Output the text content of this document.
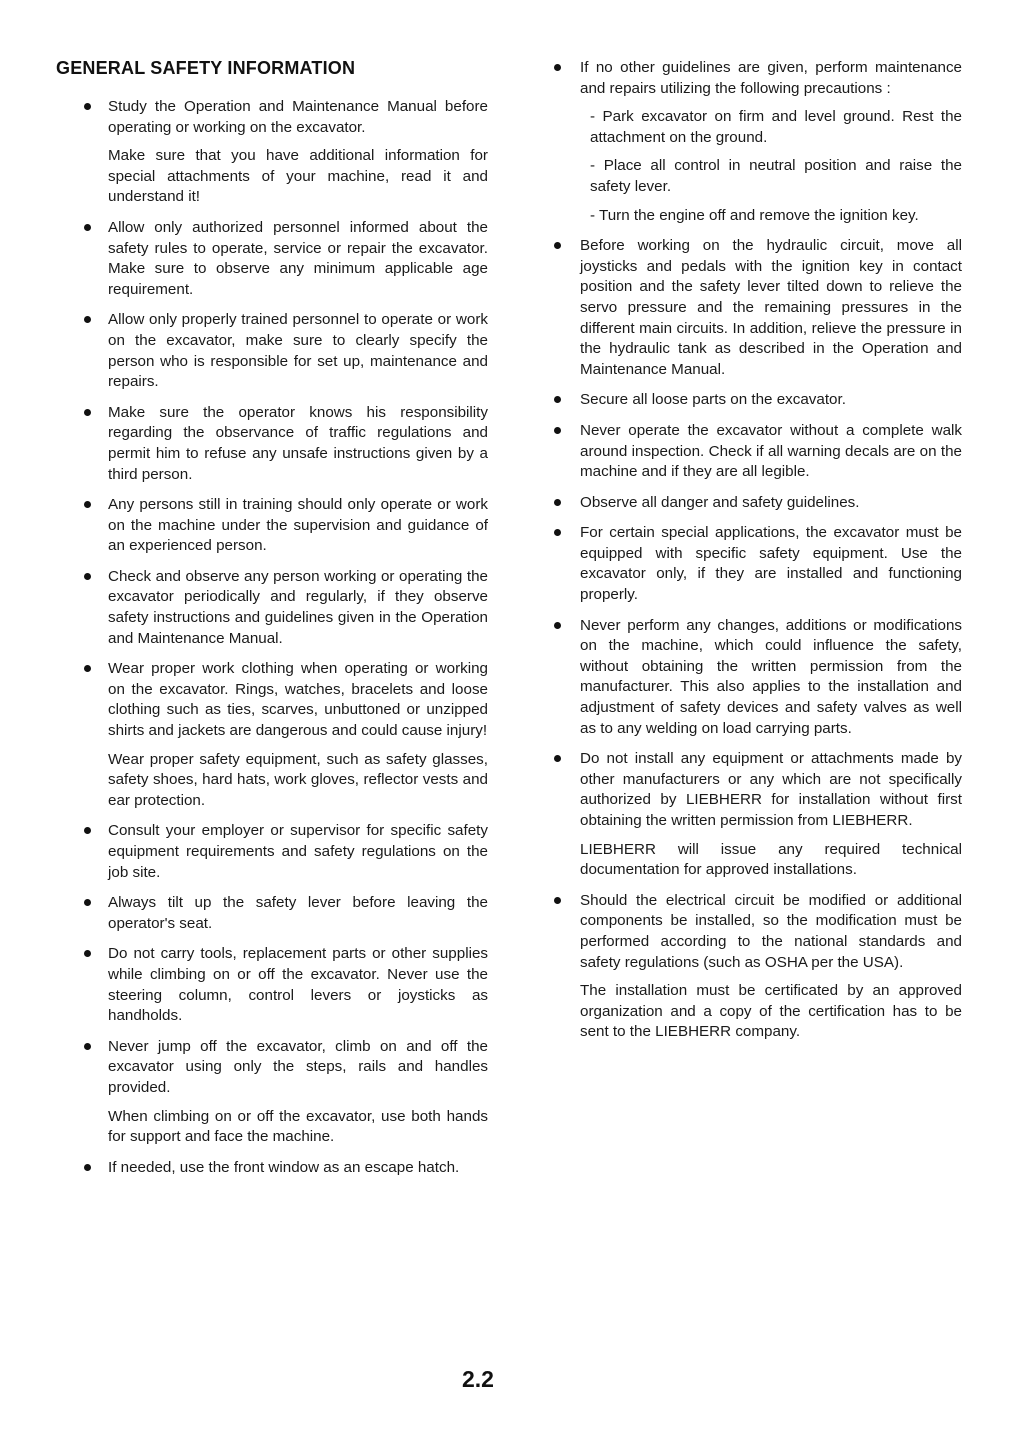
GENERAL SAFETY INFORMATION

Study the Operation and Maintenance Manual before operating or working on the excavator.

Make sure that you have additional information for special attachments of your machine, read it and understand it!

Allow only authorized personnel informed about the safety rules to operate, service or repair the excavator. Make sure to observe any minimum applicable age requirement.

Allow only properly trained personnel to operate or work on the excavator, make sure to clearly specify the person who is responsible for set up, maintenance and repairs.

Make sure the operator knows his responsibility regarding the observance of traffic regulations and permit him to refuse any unsafe instructions given by a third person.

Any persons still in training should only operate or work on the machine under the supervision and guidance of an experienced person.

Check and observe any person working or operating the excavator periodically and regularly, if they observe safety instructions and guidelines given in the Operation and Maintenance Manual.

Wear proper work clothing when operating or working on the excavator. Rings, watches, bracelets and loose clothing such as ties, scarves, unbuttoned or unzipped shirts and jackets are dangerous and could cause injury!

Wear proper safety equipment, such as safety glasses, safety shoes, hard hats, work gloves, reflector vests and ear protection.

Consult your employer or supervisor for specific safety equipment requirements and safety regulations on the job site.

Always tilt up the safety lever before leaving the operator's seat.

Do not carry tools, replacement parts or other supplies while climbing on or off the excavator. Never use the steering column, control levers or joysticks as handholds.

Never jump off the excavator, climb on and off the excavator using only the steps, rails and handles provided.

When climbing on or off the excavator, use both hands for support and face the machine.

If needed, use the front window as an escape hatch.

If no other guidelines are given, perform maintenance and repairs utilizing the following precautions :

- Park excavator on firm and level ground. Rest the attachment on the ground.

- Place all control in neutral position and raise the safety lever.

- Turn the engine off and remove the ignition key.

Before working on the hydraulic circuit, move all joysticks and pedals with the ignition key in contact position and the safety lever tilted down to relieve the servo pressure and the remaining pressures in the different main circuits. In addition, relieve the pressure in the hydraulic tank as described in the Operation and Maintenance Manual.

Secure all loose parts on the excavator.

Never operate the excavator without a complete walk around inspection. Check if all warning decals are on the machine and if they are all legible.

Observe all danger and safety guidelines.

For certain special applications, the excavator must be equipped with specific safety equipment. Use the excavator only, if they are installed and functioning properly.

Never perform any changes, additions or modifications on the machine, which could influence the safety, without obtaining the written permission from the manufacturer. This also applies to the installation and adjustment of safety devices and safety valves as well as to any welding on load carrying parts.

Do not install any equipment or attachments made by other manufacturers or any which are not specifically authorized by LIEBHERR for installation without first obtaining the written permission from LIEBHERR.

LIEBHERR will issue any required technical documentation for approved installations.

Should the electrical circuit be modified or additional components be installed, so the modification must be performed according to the national standards and safety regulations (such as OSHA per the USA).

The installation must be certificated by an approved organization and a copy of the certification has to be sent to the LIEBHERR company.

2.2
